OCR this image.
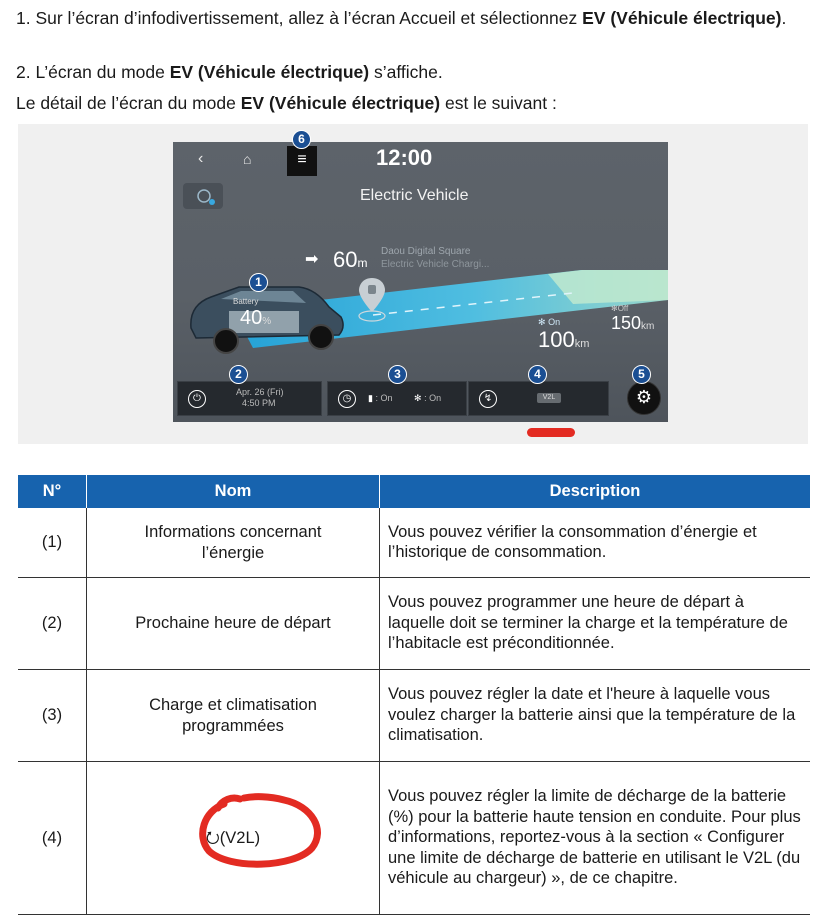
1. Sur l’écran d’infodivertissement, allez à l’écran Accueil et sélectionnez EV (Véhicule électrique).
2. L’écran du mode EV (Véhicule électrique) s’affiche.
Le détail de l’écran du mode EV (Véhicule électrique) est le suivant :
‹	⌂	≡	12:00
Electric Vehicle
➡ 60m
Daou Digital Square
Electric Vehicle Chargi...
Battery
40%	✻ On
100km
✻Off
150km
⏻
Apr. 26 (Fri)
4:50 PM	◷	▮ : On ✻ : On	↯	V2L	⚙
1
2	3	4	5
6
N°	Nom	Description
(1)	Informations concernant l’énergie	Vous pouvez vérifier la consommation d’énergie et l’historique de consommation.
(2)	Prochaine heure de départ	Vous pouvez programmer une heure de départ à laquelle doit se terminer la charge et la température de l’habitacle est préconditionnée.
(3)	Charge et climatisation programmées	Vous pouvez régler la date et l'heure à laquelle vous voulez charger la batterie ainsi que la température de la climatisation.
(4)	⭮(V2L)	Vous pouvez régler la limite de décharge de la batterie (%) pour la batterie haute tension en conduite. Pour plus d’informations, reportez-vous à la section « Configurer une limite de décharge de batterie en utilisant le V2L (du véhicule au chargeur) », de ce chapitre.
